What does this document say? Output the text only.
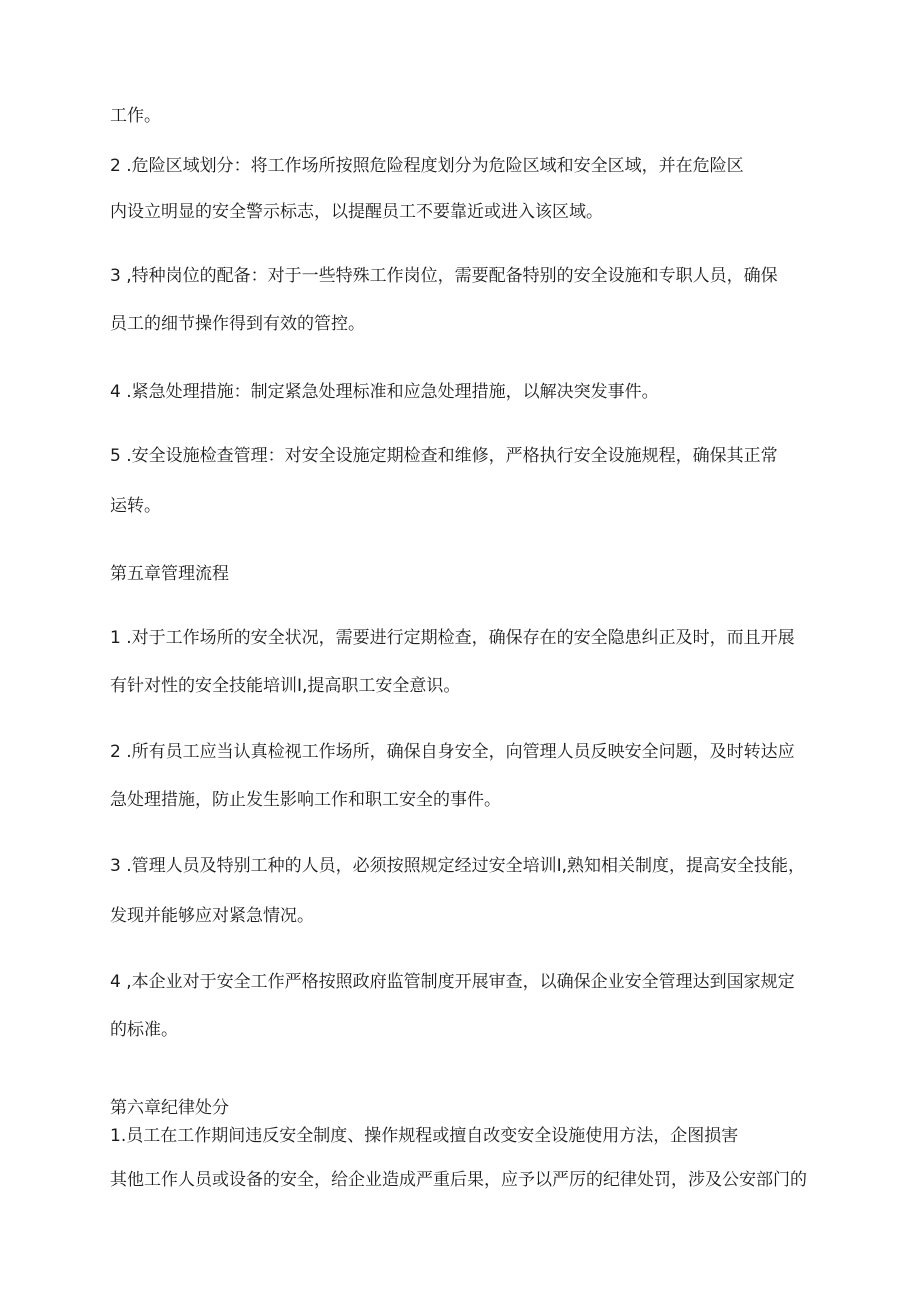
工作。
2 .危险区域划分：将工作场所按照危险程度划分为危险区域和安全区域，并在危险区
内设立明显的安全警示标志，以提醒员工不要靠近或进入该区域。
3 ,特种岗位的配备：对于一些特殊工作岗位，需要配备特别的安全设施和专职人员，确保
员工的细节操作得到有效的管控。
4 .紧急处理措施：制定紧急处理标准和应急处理措施，以解决突发事件。
5 .安全设施检查管理：对安全设施定期检查和维修，严格执行安全设施规程，确保其正常
运转。
第五章管理流程
1 .对于工作场所的安全状况，需要进行定期检查，确保存在的安全隐患纠正及时，而且开展
有针对性的安全技能培训I,提高职工安全意识。
2 .所有员工应当认真检视工作场所，确保自身安全，向管理人员反映安全问题，及时转达应
急处理措施，防止发生影响工作和职工安全的事件。
3 .管理人员及特别工种的人员，必须按照规定经过安全培训I,熟知相关制度，提高安全技能，
发现并能够应对紧急情况。
4 ,本企业对于安全工作严格按照政府监管制度开展审查，以确保企业安全管理达到国家规定
的标准。
第六章纪律处分
1.员工在工作期间违反安全制度、操作规程或擅自改变安全设施使用方法，企图损害
其他工作人员或设备的安全，给企业造成严重后果，应予以严厉的纪律处罚，涉及公安部门的
